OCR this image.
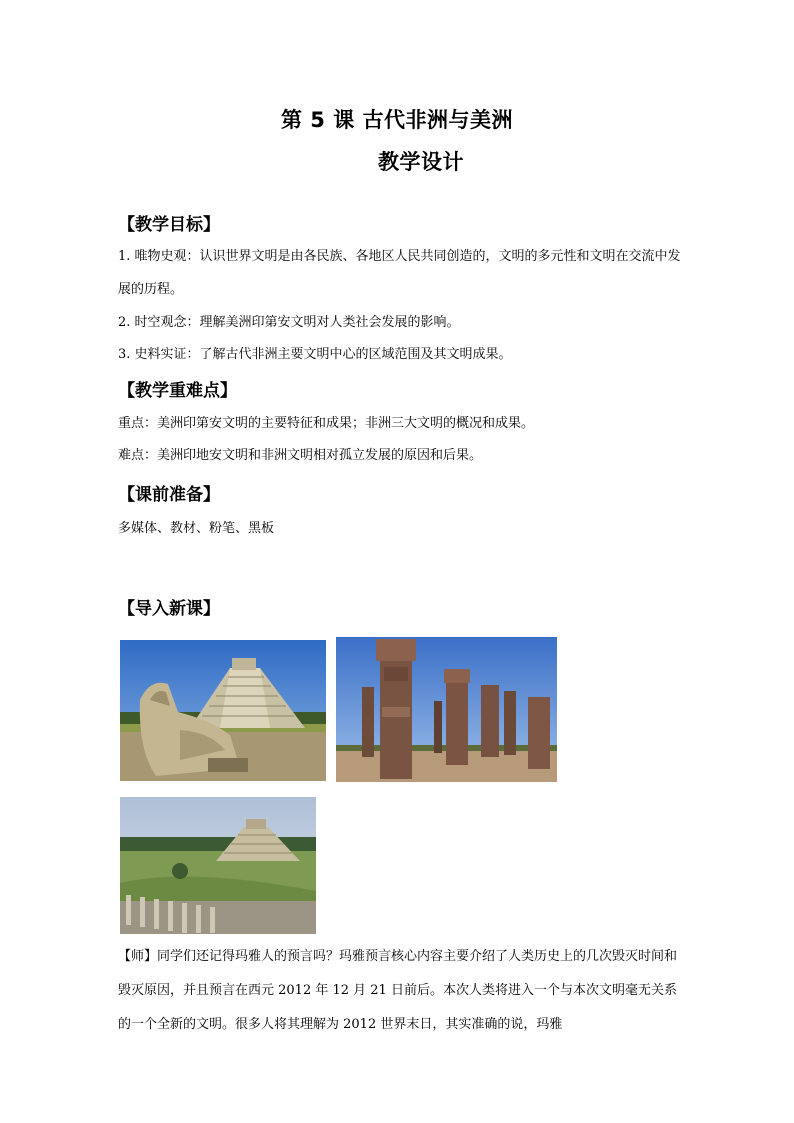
第 5 课 古代非洲与美洲
教学设计
【教学目标】
1. 唯物史观：认识世界文明是由各民族、各地区人民共同创造的，文明的多元性和文明在交流中发展的历程。
2. 时空观念：理解美洲印第安文明对人类社会发展的影响。
3. 史料实证：了解古代非洲主要文明中心的区域范围及其文明成果。
【教学重难点】
重点：美洲印第安文明的主要特征和成果；非洲三大文明的概况和成果。
难点：美洲印地安文明和非洲文明相对孤立发展的原因和后果。
【课前准备】
多媒体、教材、粉笔、黑板
【导入新课】
【师】同学们还记得玛雅人的预言吗？玛雅预言核心内容主要介绍了人类历史上的几次毁灭时间和毁灭原因，并且预言在西元 2012 年 12 月 21 日前后。本次人类将进入一个与本次文明毫无关系的一个全新的文明。很多人将其理解为 2012 世界末日，其实准确的说，玛雅
